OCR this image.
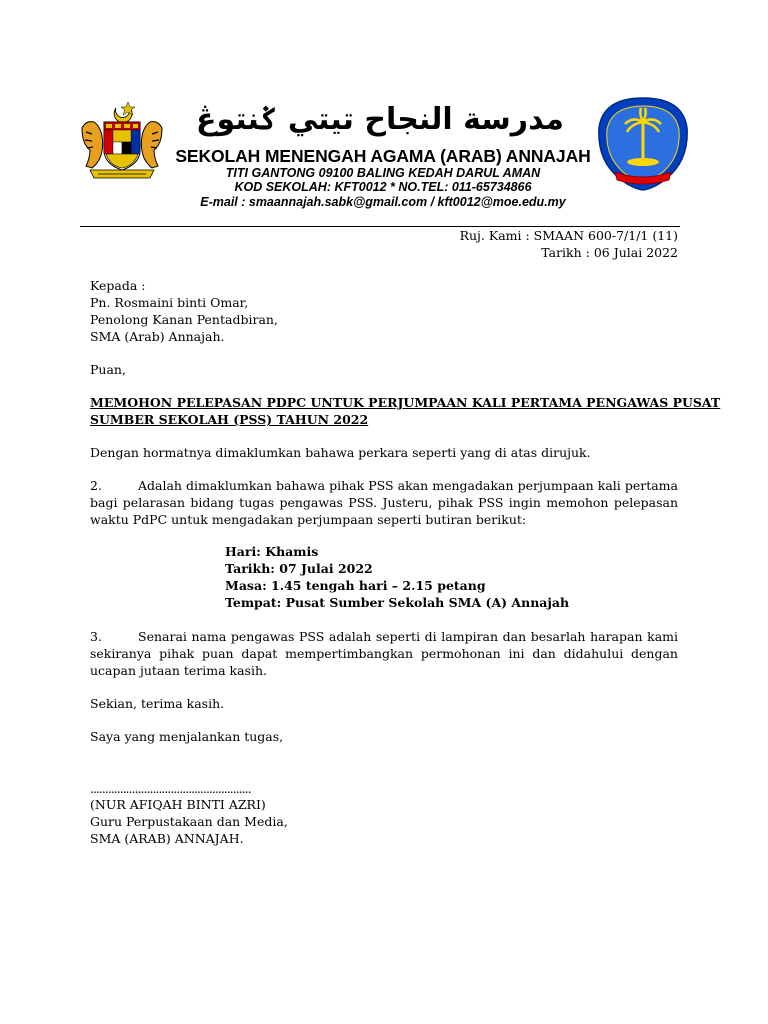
مدرسة النجاح تيتي ݢنتوڠ
SEKOLAH MENENGAH AGAMA (ARAB) ANNAJAH
TITI GANTONG 09100 BALING KEDAH DARUL AMAN
KOD SEKOLAH: KFT0012 * NO.TEL: 011-65734866
E-mail : smaannajah.sabk@gmail.com / kft0012@moe.edu.my
Ruj. Kami : SMAAN 600-7/1/1 (11)
Tarikh : 06 Julai 2022
Kepada :
Pn. Rosmaini binti Omar,
Penolong Kanan Pentadbiran,
SMA (Arab) Annajah.
Puan,
MEMOHON PELEPASAN PDPC UNTUK PERJUMPAAN KALI PERTAMA PENGAWAS PUSAT
SUMBER SEKOLAH (PSS) TAHUN 2022
Dengan hormatnya dimaklumkan bahawa perkara seperti yang di atas dirujuk.
2.	Adalah dimaklumkan bahawa pihak PSS akan mengadakan perjumpaan kali pertama bagi pelarasan bidang tugas pengawas PSS. Justeru, pihak PSS ingin memohon pelepasan waktu PdPC untuk mengadakan perjumpaan seperti butiran berikut:
Hari: Khamis
Tarikh: 07 Julai 2022
Masa: 1.45 tengah hari – 2.15 petang
Tempat: Pusat Sumber Sekolah SMA (A) Annajah
3.	Senarai nama pengawas PSS adalah seperti di lampiran dan besarlah harapan kami sekiranya pihak puan dapat mempertimbangkan permohonan ini dan didahului dengan ucapan jutaan terima kasih.
Sekian, terima kasih.
Saya yang menjalankan tugas,
......................................................
(NUR AFIQAH BINTI AZRI)
Guru Perpustakaan dan Media,
SMA (ARAB) ANNAJAH.
